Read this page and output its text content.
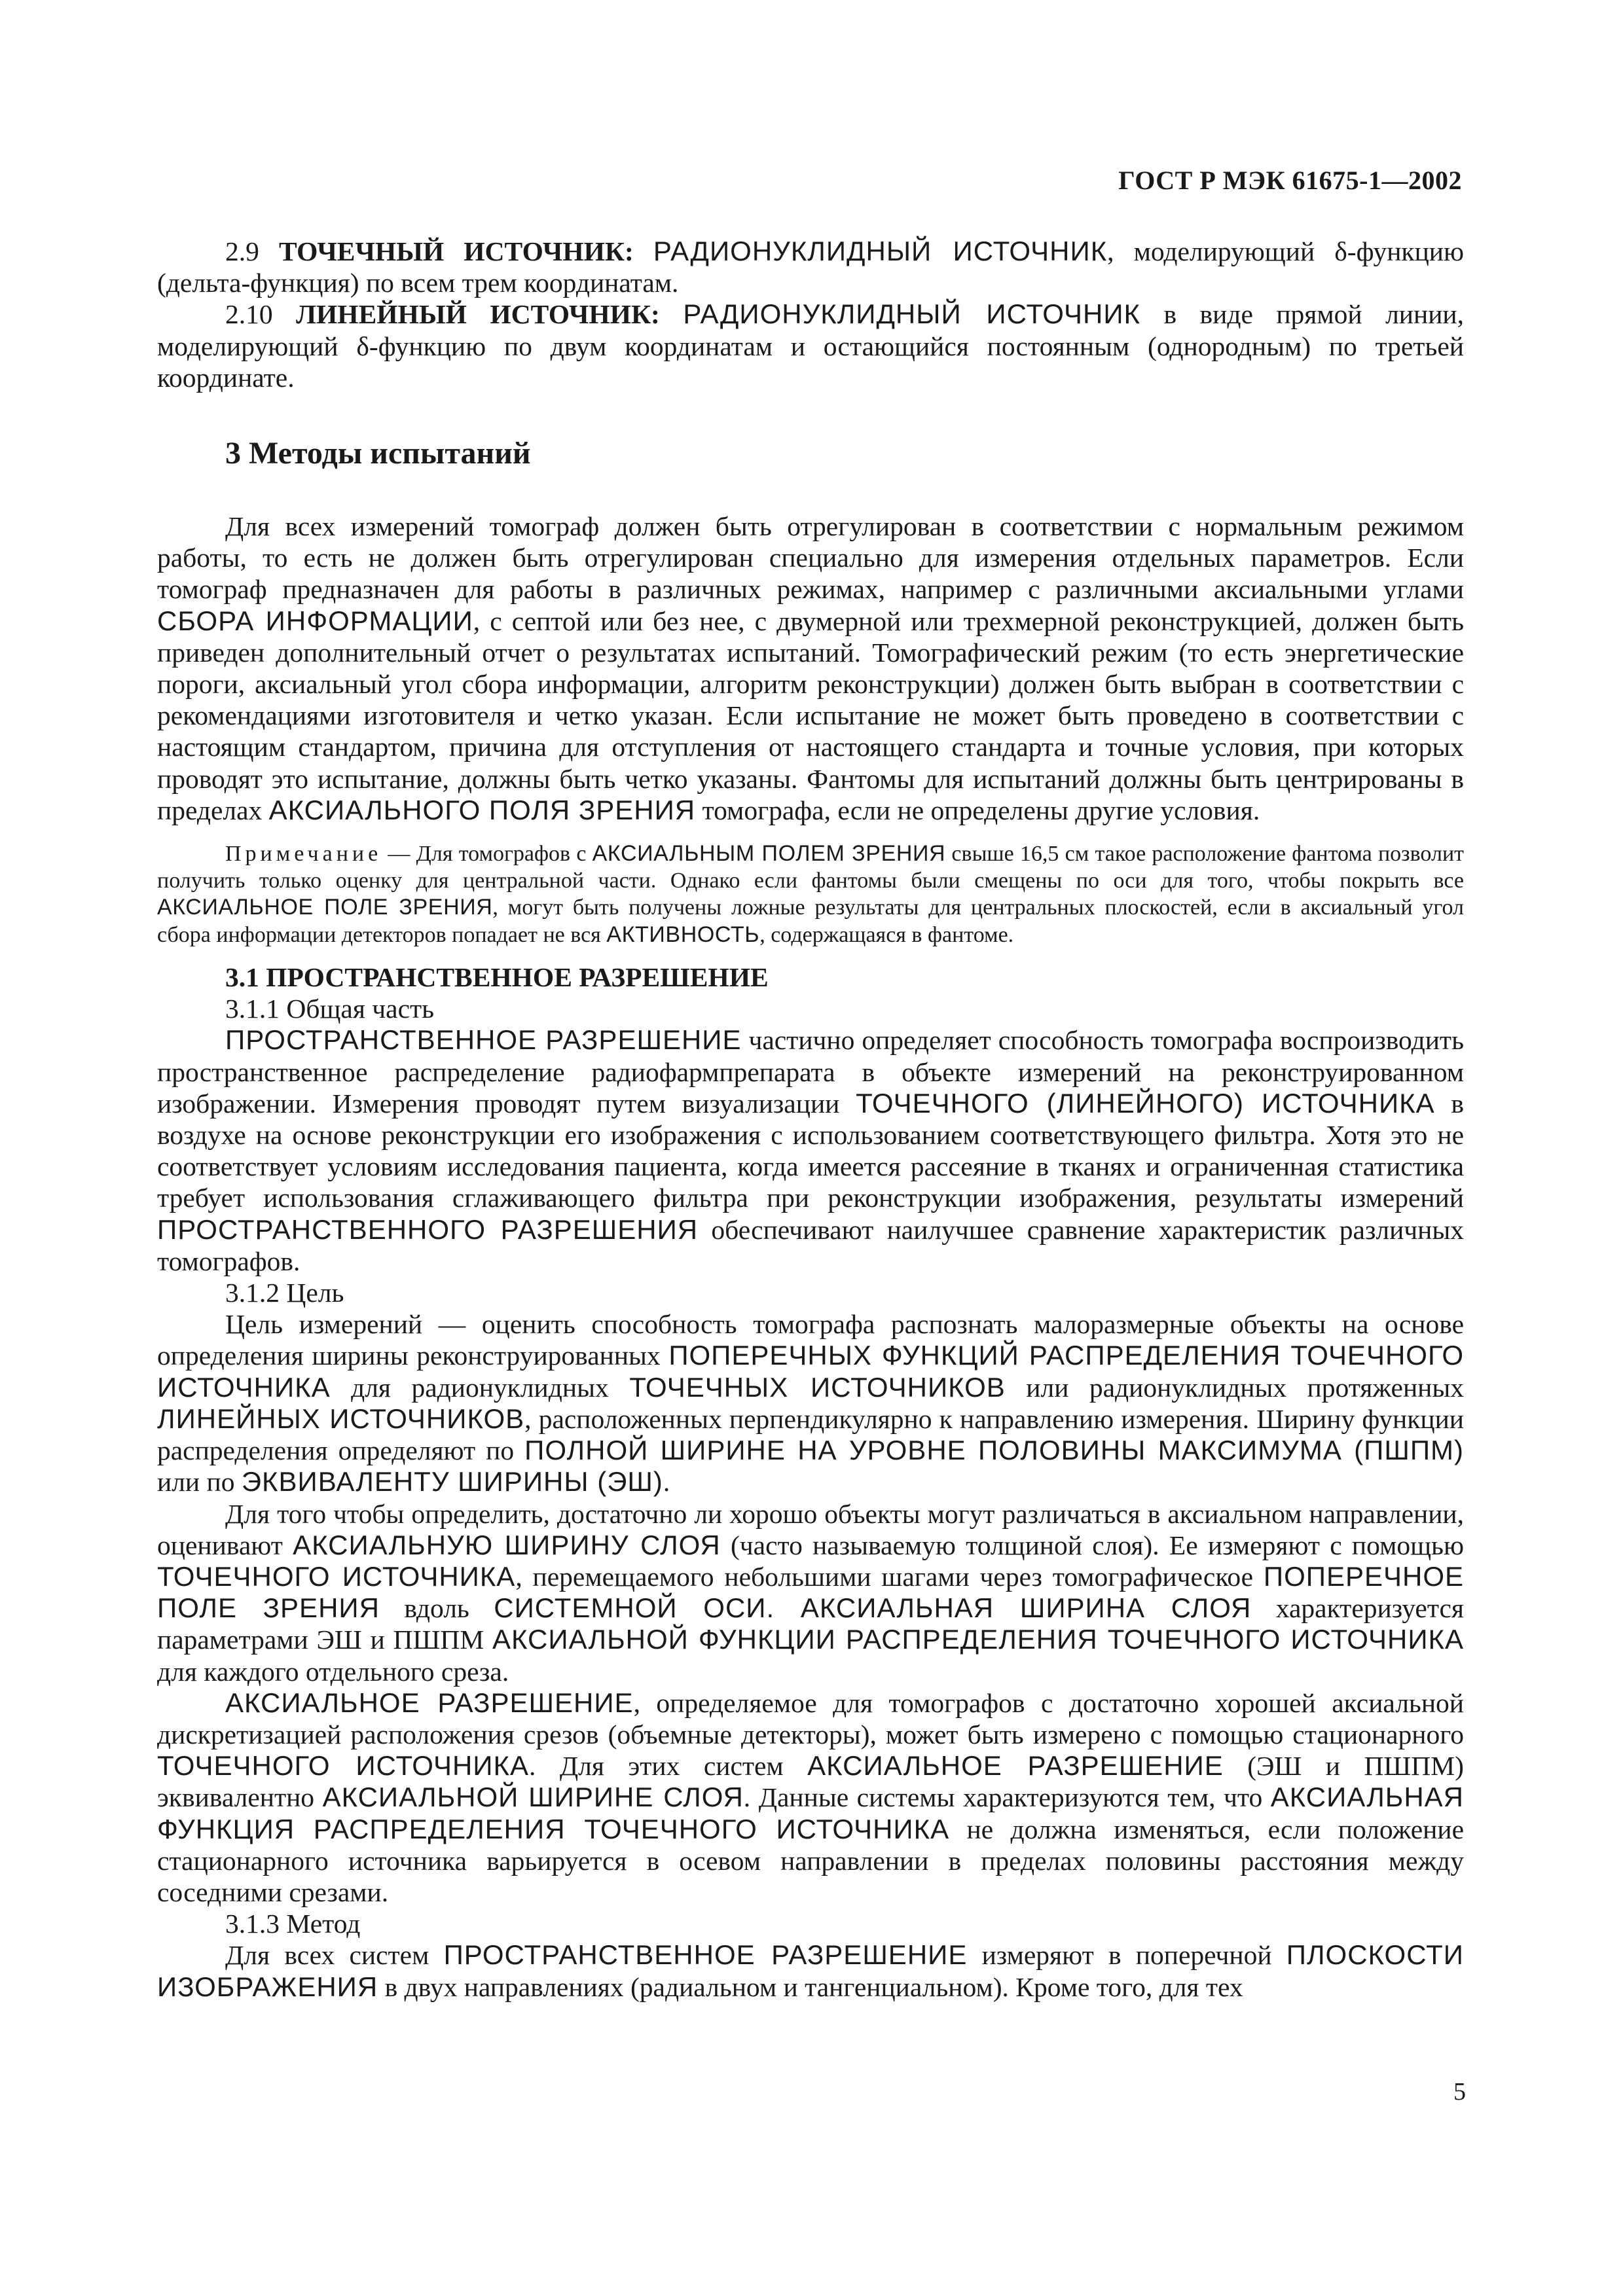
ГОСТ Р МЭК 61675-1—2002

2.9 ТОЧЕЧНЫЙ ИСТОЧНИК: РАДИОНУКЛИДНЫЙ ИСТОЧНИК, моделирующий δ-функцию (дельта-функция) по всем трем координатам.

2.10 ЛИНЕЙНЫЙ ИСТОЧНИК: РАДИОНУКЛИДНЫЙ ИСТОЧНИК в виде прямой линии, моделирующий δ-функцию по двум координатам и остающийся постоянным (однородным) по третьей координате.

3 Методы испытаний

Для всех измерений томограф должен быть отрегулирован в соответствии с нормальным режимом работы, то есть не должен быть отрегулирован специально для измерения отдельных параметров. Если томограф предназначен для работы в различных режимах, например с различными аксиальными углами СБОРА ИНФОРМАЦИИ, с септой или без нее, с двумерной или трехмерной реконструкцией, должен быть приведен дополнительный отчет о результатах испытаний. Томографический режим (то есть энергетические пороги, аксиальный угол сбора информации, алгоритм реконструкции) должен быть выбран в соответствии с рекомендациями изготовителя и четко указан. Если испытание не может быть проведено в соответствии с настоящим стандартом, причина для отступления от настоящего стандарта и точные условия, при которых проводят это испытание, должны быть четко указаны. Фантомы для испытаний должны быть центрированы в пределах АКСИАЛЬНОГО ПОЛЯ ЗРЕНИЯ томографа, если не определены другие условия.

Примечание — Для томографов с АКСИАЛЬНЫМ ПОЛЕМ ЗРЕНИЯ свыше 16,5 см такое расположение фантома позволит получить только оценку для центральной части. Однако если фантомы были смещены по оси для того, чтобы покрыть все АКСИАЛЬНОЕ ПОЛЕ ЗРЕНИЯ, могут быть получены ложные результаты для центральных плоскостей, если в аксиальный угол сбора информации детекторов попадает не вся АКТИВНОСТЬ, содержащаяся в фантоме.

3.1 ПРОСТРАНСТВЕННОЕ РАЗРЕШЕНИЕ

3.1.1 Общая часть

ПРОСТРАНСТВЕННОЕ РАЗРЕШЕНИЕ частично определяет способность томографа воспроизводить пространственное распределение радиофармпрепарата в объекте измерений на реконструированном изображении. Измерения проводят путем визуализации ТОЧЕЧНОГО (ЛИНЕЙНОГО) ИСТОЧНИКА в воздухе на основе реконструкции его изображения с использованием соответствующего фильтра. Хотя это не соответствует условиям исследования пациента, когда имеется рассеяние в тканях и ограниченная статистика требует использования сглаживающего фильтра при реконструкции изображения, результаты измерений ПРОСТРАНСТВЕННОГО РАЗРЕШЕНИЯ обеспечивают наилучшее сравнение характеристик различных томографов.

3.1.2 Цель

Цель измерений — оценить способность томографа распознать малоразмерные объекты на основе определения ширины реконструированных ПОПЕРЕЧНЫХ ФУНКЦИЙ РАСПРЕДЕЛЕНИЯ ТОЧЕЧНОГО ИСТОЧНИКА для радионуклидных ТОЧЕЧНЫХ ИСТОЧНИКОВ или радионуклидных протяженных ЛИНЕЙНЫХ ИСТОЧНИКОВ, расположенных перпендикулярно к направлению измерения. Ширину функции распределения определяют по ПОЛНОЙ ШИРИНЕ НА УРОВНЕ ПОЛОВИНЫ МАКСИМУМА (ПШПМ) или по ЭКВИВАЛЕНТУ ШИРИНЫ (ЭШ).

Для того чтобы определить, достаточно ли хорошо объекты могут различаться в аксиальном направлении, оценивают АКСИАЛЬНУЮ ШИРИНУ СЛОЯ (часто называемую толщиной слоя). Ее измеряют с помощью ТОЧЕЧНОГО ИСТОЧНИКА, перемещаемого небольшими шагами через томографическое ПОПЕРЕЧНОЕ ПОЛЕ ЗРЕНИЯ вдоль СИСТЕМНОЙ ОСИ. АКСИАЛЬНАЯ ШИРИНА СЛОЯ характеризуется параметрами ЭШ и ПШПМ АКСИАЛЬНОЙ ФУНКЦИИ РАСПРЕДЕЛЕНИЯ ТОЧЕЧНОГО ИСТОЧНИКА для каждого отдельного среза.

АКСИАЛЬНОЕ РАЗРЕШЕНИЕ, определяемое для томографов с достаточно хорошей аксиальной дискретизацией расположения срезов (объемные детекторы), может быть измерено с помощью стационарного ТОЧЕЧНОГО ИСТОЧНИКА. Для этих систем АКСИАЛЬНОЕ РАЗРЕШЕНИЕ (ЭШ и ПШПМ) эквивалентно АКСИАЛЬНОЙ ШИРИНЕ СЛОЯ. Данные системы характеризуются тем, что АКСИАЛЬНАЯ ФУНКЦИЯ РАСПРЕДЕЛЕНИЯ ТОЧЕЧНОГО ИСТОЧНИКА не должна изменяться, если положение стационарного источника варьируется в осевом направлении в пределах половины расстояния между соседними срезами.

3.1.3 Метод

Для всех систем ПРОСТРАНСТВЕННОЕ РАЗРЕШЕНИЕ измеряют в поперечной ПЛОСКОСТИ ИЗОБРАЖЕНИЯ в двух направлениях (радиальном и тангенциальном). Кроме того, для тех

5
